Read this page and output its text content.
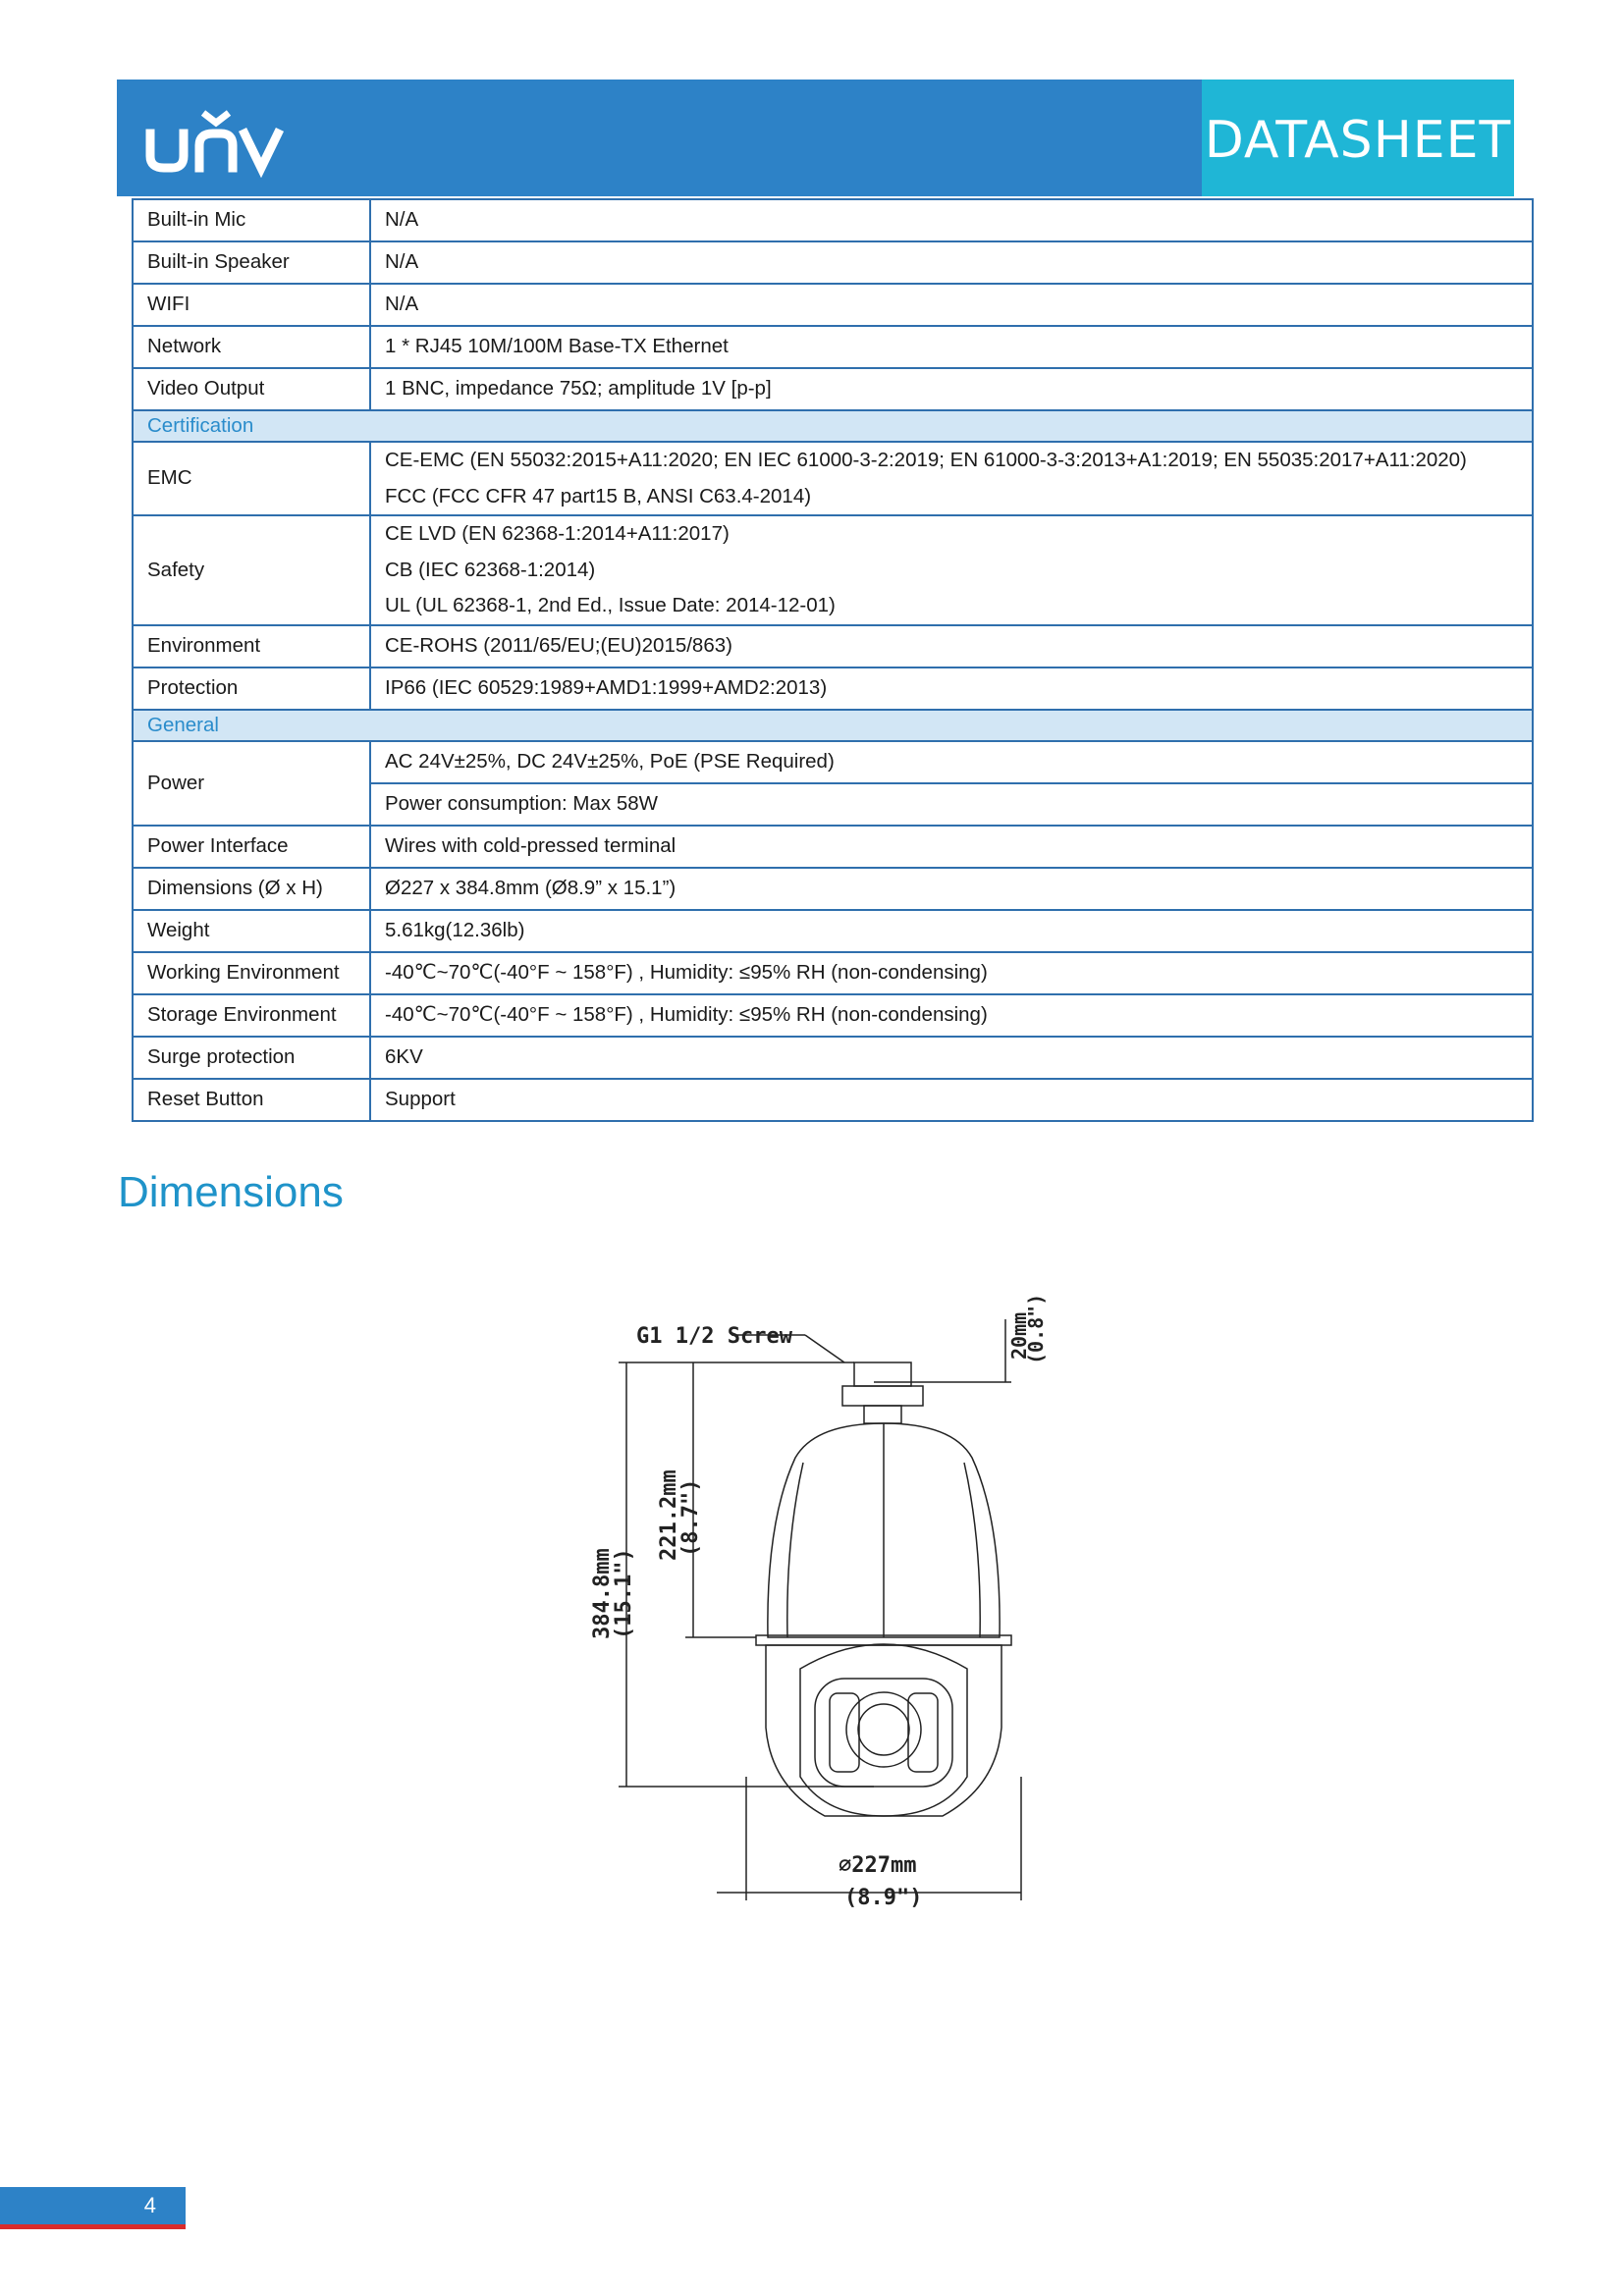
DATASHEET
Built-in Mic	N/A
Built-in Speaker	N/A
WIFI	N/A
Network	1 * RJ45 10M/100M Base-TX Ethernet
Video Output	1 BNC, impedance 75Ω; amplitude 1V [p-p]
Certification	
EMC	CE-EMC (EN 55032:2015+A11:2020; EN IEC 61000-3-2:2019; EN 61000-3-3:2013+A1:2019; EN 55035:2017+A11:2020)
FCC (FCC CFR 47 part15 B, ANSI C63.4-2014)

Safety	CE LVD (EN 62368-1:2014+A11:2017)
CB (IEC 62368-1:2014)
UL (UL 62368-1, 2nd Ed., Issue Date: 2014-12-01)

Environment	CE-ROHS (2011/65/EU;(EU)2015/863)
Protection	IP66 (IEC 60529:1989+AMD1:1999+AMD2:2013)
General	
Power	AC 24V±25%, DC 24V±25%, PoE (PSE Required)
	Power consumption: Max 58W
Power Interface	Wires with cold-pressed terminal
Dimensions (Ø x H)	Ø227 x 384.8mm (Ø8.9” x 15.1”)
Weight	5.61kg(12.36lb)
Working Environment	-40℃~70℃(-40°F ~ 158°F) , Humidity: ≤95% RH (non-condensing)
Storage Environment	-40℃~70℃(-40°F ~ 158°F) , Humidity: ≤95% RH (non-condensing)
Surge protection	6KV
Reset Button	Support
Dimensions
G1 1/2 Screw	20mm
(0.8")
221.2mm
(8.7")
384.8mm
(15.1")
∅227mm
(8.9")
4
